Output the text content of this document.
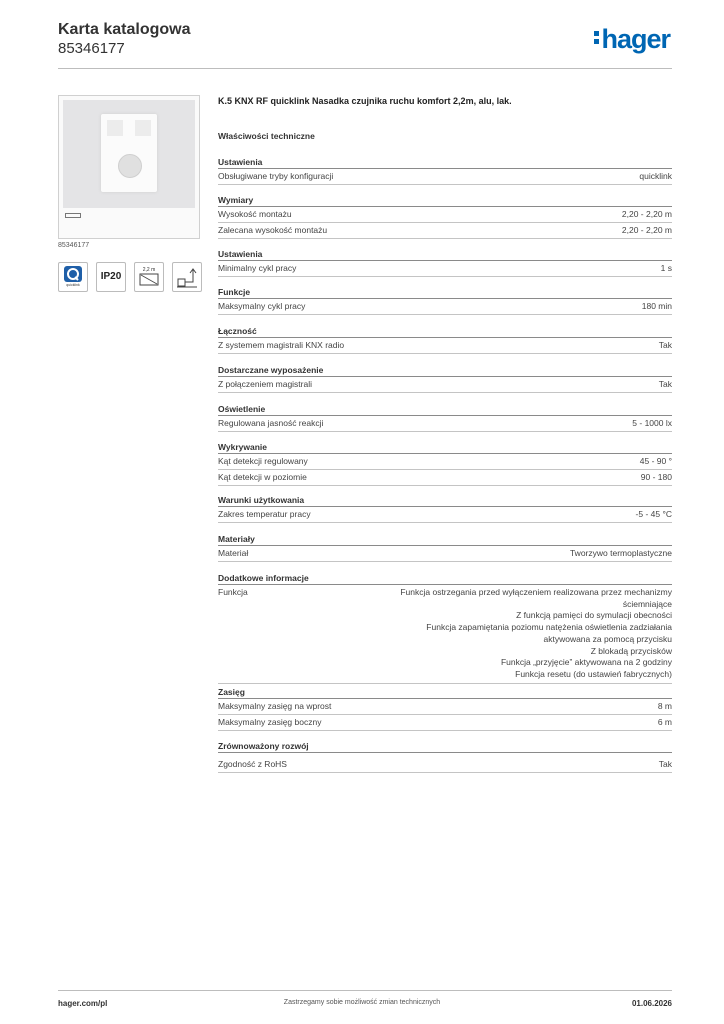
Karta katalogowa
85346177	hager
85346177
quicklink
IP20
2,2 m
K.5 KNX RF quicklink Nasadka czujnika ruchu komfort 2,2m, alu, lak.
Właściwości techniczne
Ustawienia
Obsługiwane tryby konfiguracji	quicklink
Wymiary
Wysokość montażu	2,20 - 2,20 m
Zalecana wysokość montażu	2,20 - 2,20 m
Ustawienia
Minimalny cykl pracy	1 s
Funkcje
Maksymalny cykl pracy	180 min
Łączność
Z systemem magistrali KNX radio	Tak
Dostarczane wyposażenie
Z połączeniem magistrali	Tak
Oświetlenie
Regulowana jasność reakcji	5 - 1000 lx
Wykrywanie
Kąt detekcji regulowany	45 - 90 °
Kąt detekcji w poziomie	90 - 180
Warunki użytkowania
Zakres temperatur pracy	-5 - 45 °C
Materiały
Materiał	Tworzywo termoplastyczne
Dodatkowe informacje
Funkcja	Funkcja ostrzegania przed wyłączeniem realizowana przez mechanizmy
ściemniające
Z funkcją pamięci do symulacji obecności
Funkcja zapamiętania poziomu natężenia oświetlenia zadziałania
aktywowana za pomocą przycisku
Z blokadą przycisków
Funkcja „przyjęcie” aktywowana na 2 godziny
Funkcja resetu (do ustawień fabrycznych)
Zasięg
Maksymalny zasięg na wprost	8 m
Maksymalny zasięg boczny	6 m
Zrównoważony rozwój
Zgodność z RoHS	Tak
hager.com/pl	Zastrzegamy sobie możliwość zmian technicznych	01.06.2026
